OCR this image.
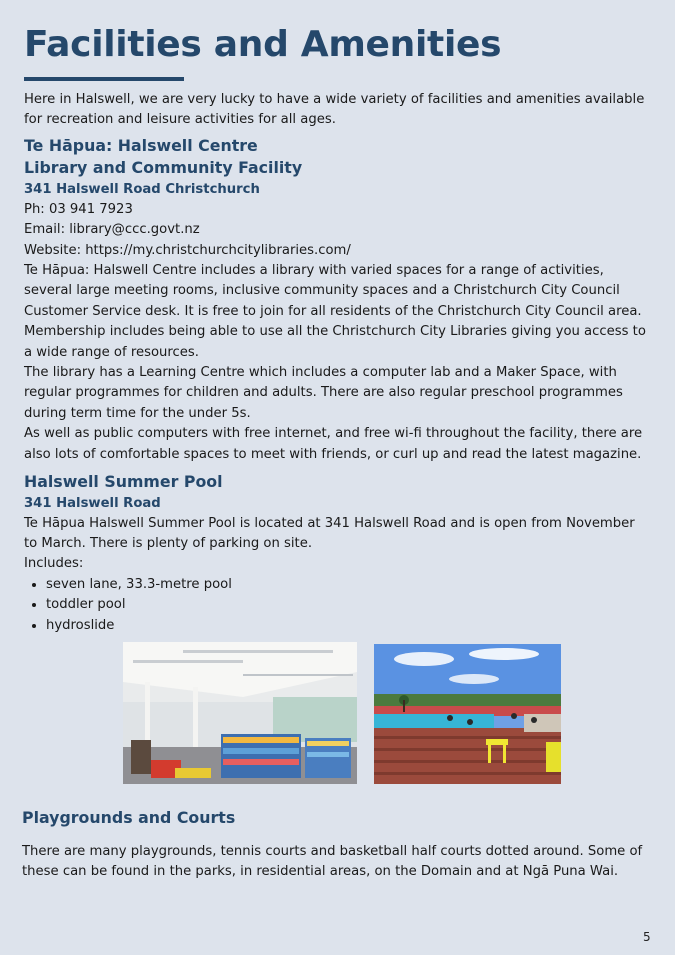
Facilities and Amenities

Here in Halswell, we are very lucky to have a wide variety of facilities and amenities available for recreation and leisure activities for all ages.

Te Hāpua: Halswell Centre
Library and Community Facility
341 Halswell Road Christchurch

Ph: 03 941 7923

Email: library@ccc.govt.nz

Website: https://my.christchurchcitylibraries.com/

Te Hāpua: Halswell Centre includes a library with varied spaces for a range of activities, several large meeting rooms, inclusive community spaces and a Christchurch City Council Customer Service desk. It is free to join for all residents of the Christchurch City Council area. Membership includes being able to use all the Christchurch City Libraries giving you access to a wide range of resources.

The library has a Learning Centre which includes a computer lab and a Maker Space, with regular programmes for children and adults. There are also regular preschool programmes during term time for the under 5s.

As well as public computers with free internet, and free wi-fi throughout the facility, there are also lots of comfortable spaces to meet with friends, or curl up and read the latest magazine.

Halswell Summer Pool
341 Halswell Road

Te Hāpua Halswell Summer Pool is located at 341 Halswell Road and is open from November to March. There is plenty of parking on site.

Includes:

• seven lane, 33.3-metre pool
• toddler pool
• hydroslide
Playgrounds and Courts

There are many playgrounds, tennis courts and basketball half courts dotted around. Some of these can be found in the parks, in residential areas, on the Domain and at Ngā Puna Wai.

5
